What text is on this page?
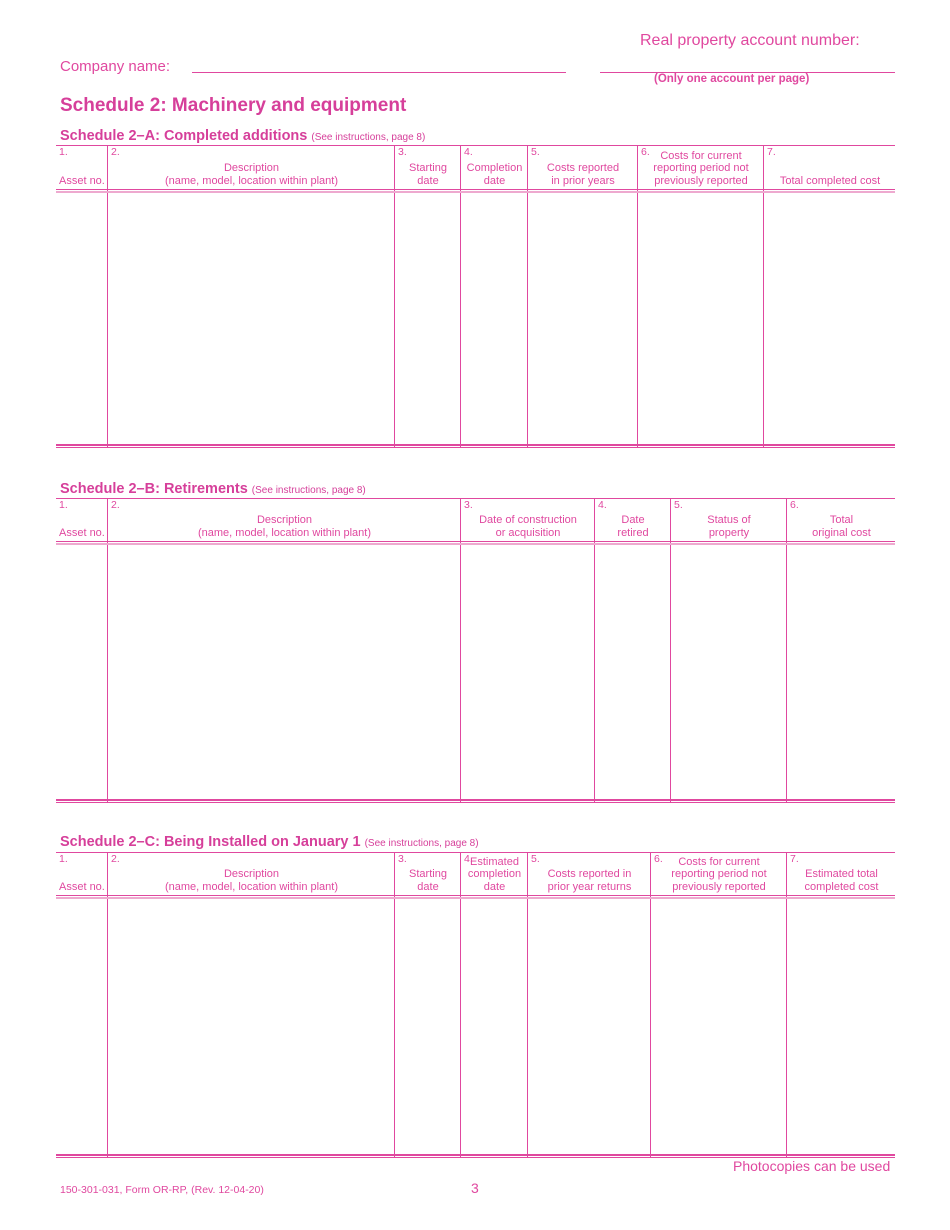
Real property account number:
Company name:
(Only one account per page)
Schedule 2: Machinery and equipment
Schedule 2–A: Completed additions (See instructions, page 8)
1.
Asset no.
2.
Description
(name, model, location within plant)
3.
Starting
date
4.
Completion
date
5.
Costs reported
in prior years
6. Costs for current
reporting period not
previously reported
7.
Total completed cost
Schedule 2–B: Retirements (See instructions, page 8)
1.
Asset no.
2.
Description
(name, model, location within plant)
3.
Date of construction
or acquisition
4.
Date
retired
5.
Status of
property
6.
Total
original cost
Schedule 2–C: Being Installed on January 1 (See instructions, page 8)
1.
Asset no.
2.
Description
(name, model, location within plant)
3.
Starting
date
4.
Estimated
completion
date
5.
Costs reported in
prior year returns
6.	Costs for current
reporting period not
previously reported
7.
Estimated total
completed cost
Photocopies can be used
150-301-031, Form OR-RP, (Rev. 12-04-20)	3
